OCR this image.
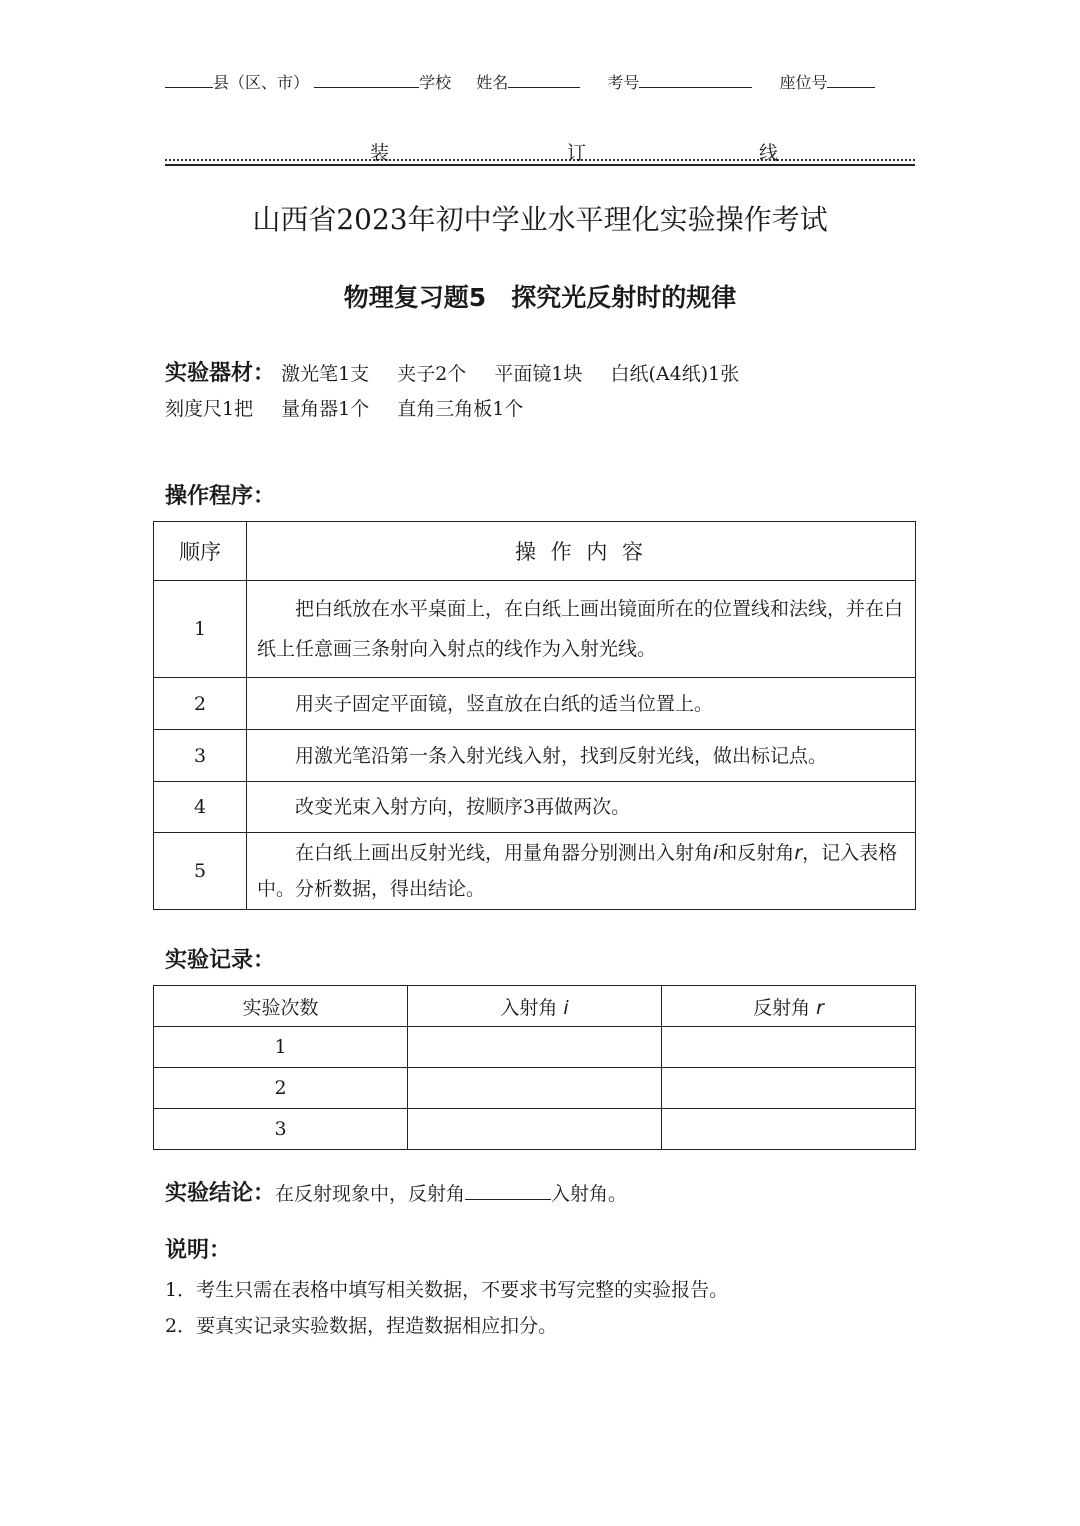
县（区、市）	学校 姓名	考号	座位号
装	订	线
山西省2023年初中学业水平理化实验操作考试
物理复习题5　探究光反射时的规律
实验器材： 激光笔1支 夹子2个 平面镜1块 白纸(A4纸)1张
刻度尺1把 量角器1个 直角三角板1个
操作程序：
顺序	操 作 内 容
1	把白纸放在水平桌面上，在白纸上画出镜面所在的位置线和法线，并在白纸上任意画三条射向入射点的线作为入射光线。
2	用夹子固定平面镜，竖直放在白纸的适当位置上。
3	用激光笔沿第一条入射光线入射，找到反射光线，做出标记点。
4	改变光束入射方向，按顺序3再做两次。
5	在白纸上画出反射光线，用量角器分别测出入射角i和反射角r，记入表格中。分析数据，得出结论。
实验记录：
实验次数	入射角 i	反射角 r
1		
2		
3		
实验结论：在反射现象中，反射角	入射角。
说明：
1．考生只需在表格中填写相关数据，不要求书写完整的实验报告。
2．要真实记录实验数据，捏造数据相应扣分。
